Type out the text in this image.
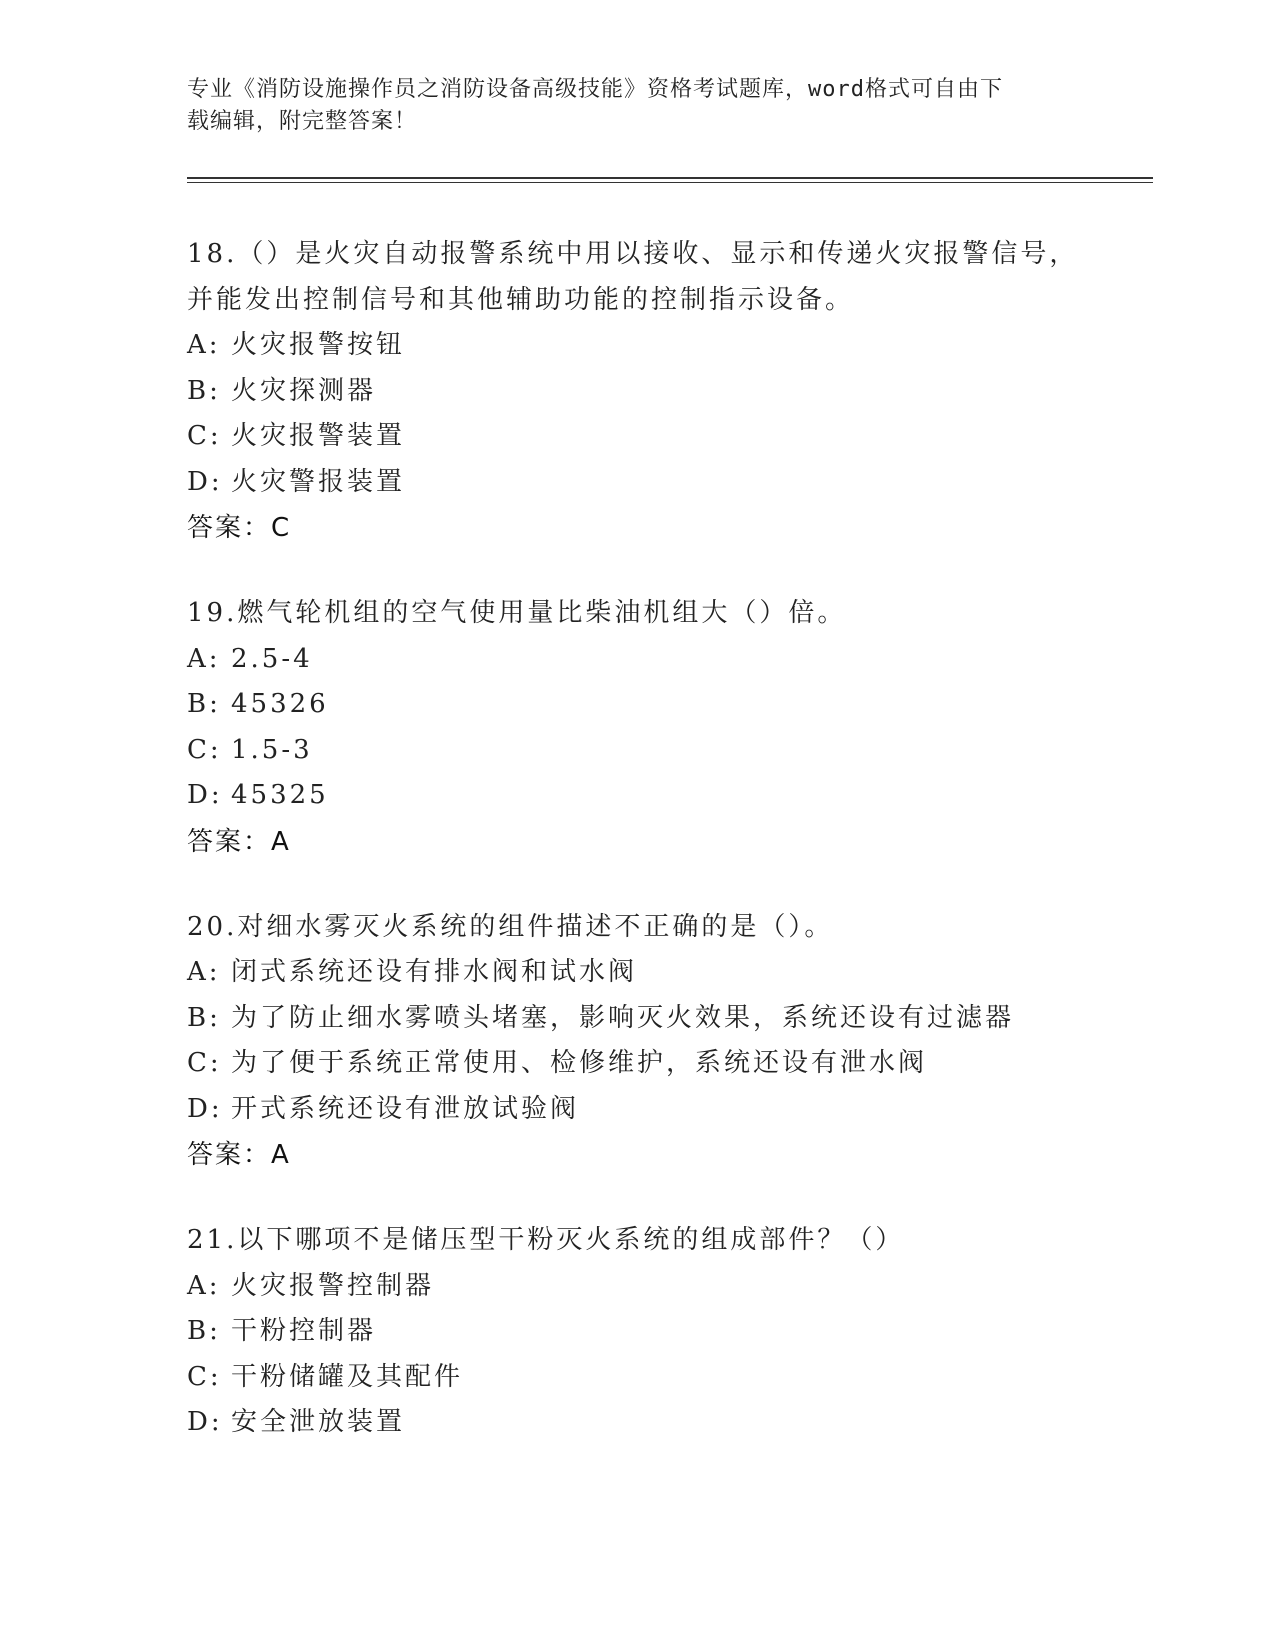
专业《消防设施操作员之消防设备高级技能》资格考试题库，word格式可自由下
载编辑，附完整答案！
18.（）是火灾自动报警系统中用以接收、显示和传递火灾报警信号，
并能发出控制信号和其他辅助功能的控制指示设备。
A: 火灾报警按钮
B: 火灾探测器
C: 火灾报警装置
D: 火灾警报装置
答案：C
19.燃气轮机组的空气使用量比柴油机组大（）倍。
A: 2.5-4
B: 45326
C: 1.5-3
D: 45325
答案：A
20.对细水雾灭火系统的组件描述不正确的是（）。
A: 闭式系统还设有排水阀和试水阀
B: 为了防止细水雾喷头堵塞，影响灭火效果，系统还设有过滤器
C: 为了便于系统正常使用、检修维护，系统还设有泄水阀
D: 开式系统还设有泄放试验阀
答案：A
21.以下哪项不是储压型干粉灭火系统的组成部件？（）
A: 火灾报警控制器
B: 干粉控制器
C: 干粉储罐及其配件
D: 安全泄放装置
